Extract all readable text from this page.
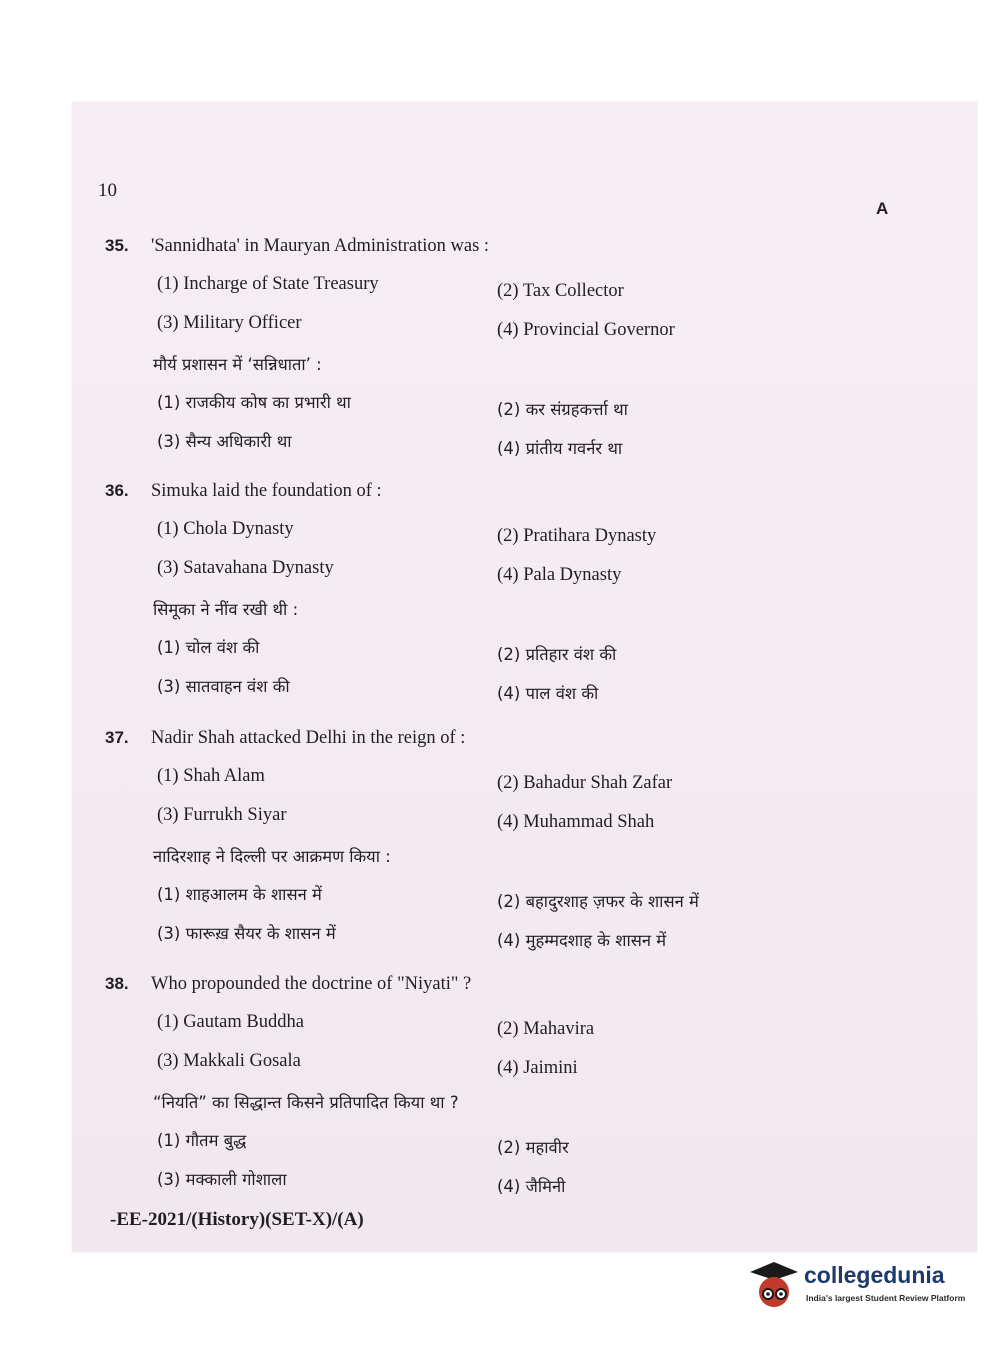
10
A
35. 'Sannidhata' in Mauryan Administration was :
(1) Incharge of State Treasury	(2) Tax Collector
(3) Military Officer	(4) Provincial Governor
मौर्य प्रशासन में ‘सन्निधाता’ :
(1) राजकीय कोष का प्रभारी था	(2) कर संग्रहकर्त्ता था
(3) सैन्य अधिकारी था	(4) प्रांतीय गवर्नर था
36. Simuka laid the foundation of :
(1) Chola Dynasty	(2) Pratihara Dynasty
(3) Satavahana Dynasty	(4) Pala Dynasty
सिमूका ने नींव रखी थी :
(1) चोल वंश की	(2) प्रतिहार वंश की
(3) सातवाहन वंश की	(4) पाल वंश की
37. Nadir Shah attacked Delhi in the reign of :
(1) Shah Alam	(2) Bahadur Shah Zafar
(3) Furrukh Siyar	(4) Muhammad Shah
नादिरशाह ने दिल्ली पर आक्रमण किया :
(1) शाहआलम के शासन में	(2) बहादुरशाह ज़फर के शासन में
(3) फारूख़ सैयर के शासन में	(4) मुहम्मदशाह के शासन में
38. Who propounded the doctrine of "Niyati" ?
(1) Gautam Buddha	(2) Mahavira
(3) Makkali Gosala	(4) Jaimini
“नियति” का सिद्धान्त किसने प्रतिपादित किया था ?
(1) गौतम बुद्ध	(2) महावीर
(3) मक्काली गोशाला	(4) जैमिनी
-EE-2021/(History)(SET-X)/(A)
collegedunia
India's largest Student Review Platform
